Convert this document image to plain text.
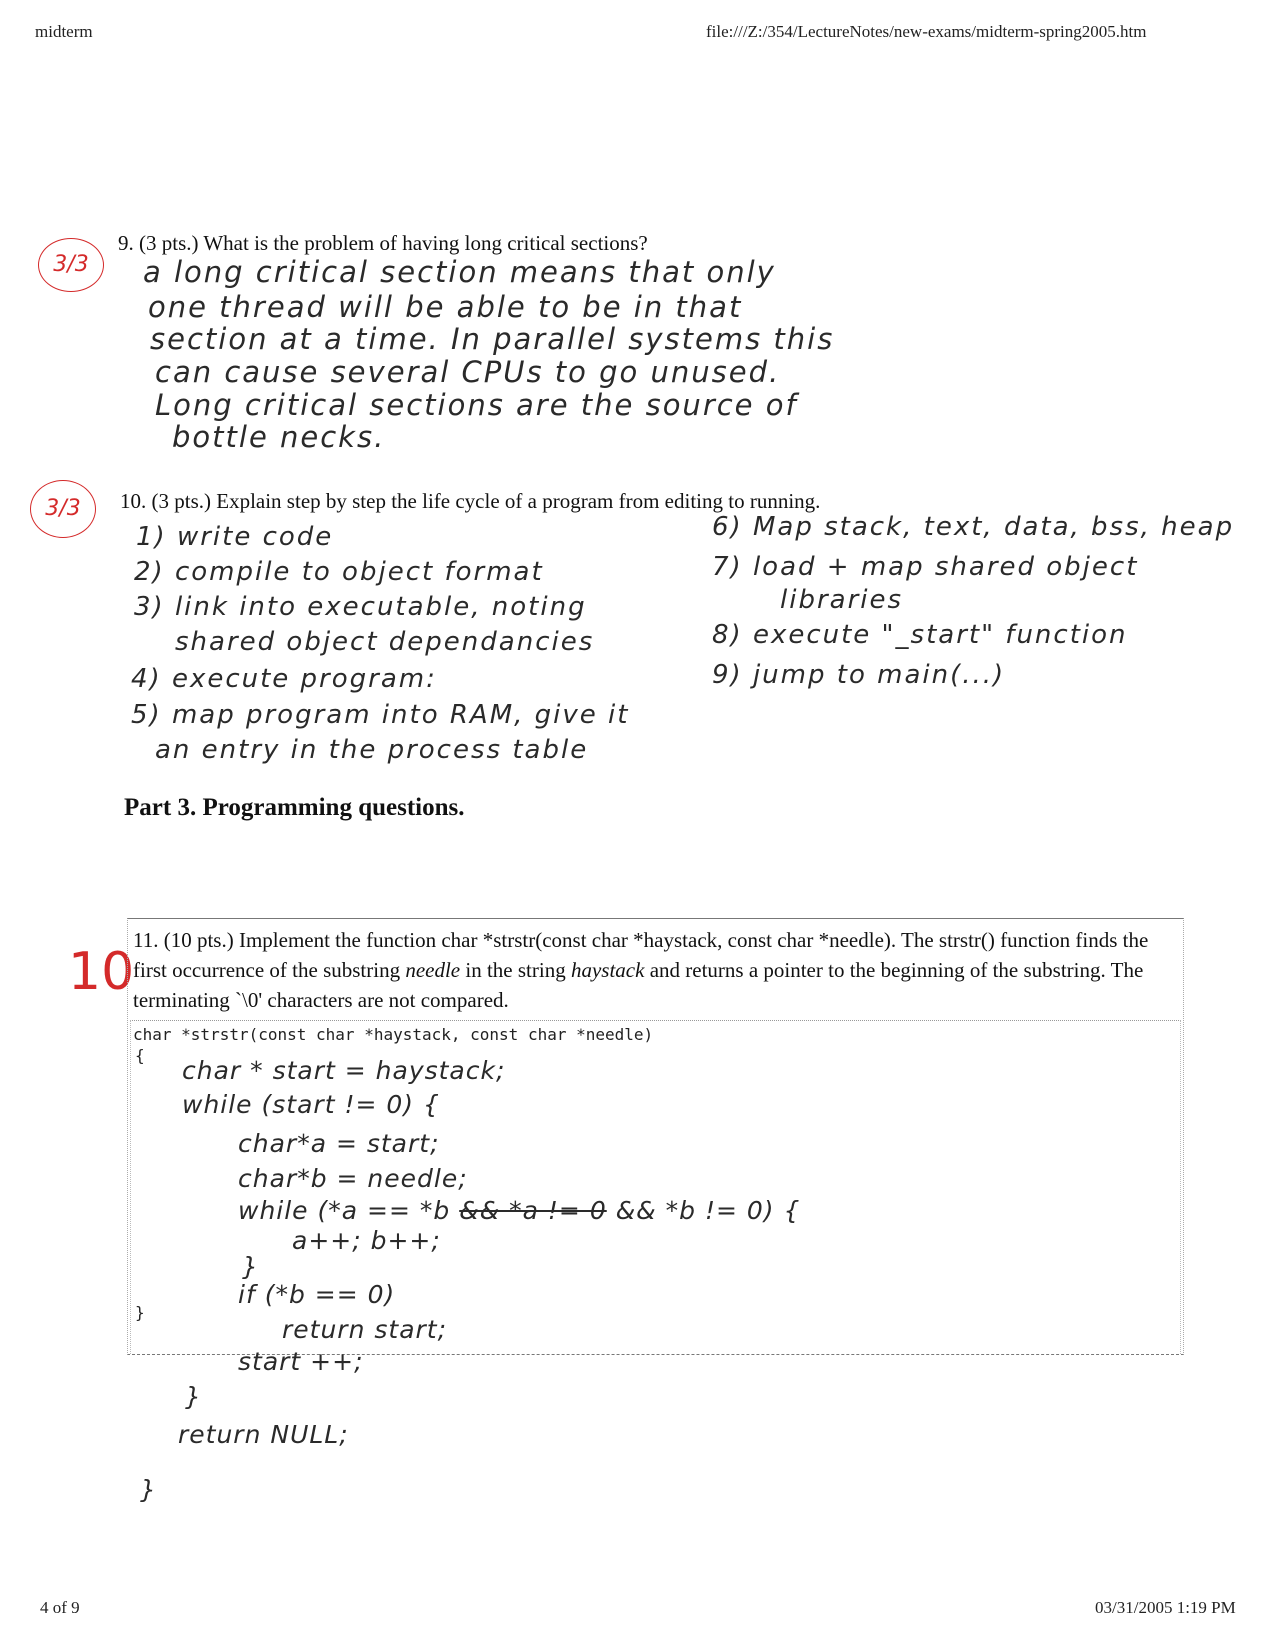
midterm	file:///Z:/354/LectureNotes/new-exams/midterm-spring2005.htm
3/3
9. (3 pts.) What is the problem of having long critical sections?
a long critical section means that only
one thread will be able to be in that
section at a time. In parallel systems this
can cause several CPUs to go unused.
Long critical sections are the source of
bottle necks.
3/3	10. (3 pts.) Explain step by step the life cycle of a program from editing to running.
1) write code
2) compile to object format
3) link into executable, noting
shared object dependancies
4) execute program:
5) map program into RAM, give it
an entry in the process table
6) Map stack, text, data, bss, heap
7) load + map shared object
libraries
8) execute "_start" function
9) jump to main(...)
Part 3. Programming questions.
10
11. (10 pts.) Implement the function char *strstr(const char *haystack, const char *needle). The strstr() function finds the first occurrence of the substring needle in the string haystack and returns a pointer to the beginning of the substring. The terminating `\0' characters are not compared.
char *strstr(const char *haystack, const char *needle)
{
}
char * start = haystack;
while (start != 0) {
char*a = start;
char*b = needle;
while (*a == *b && *a != 0 && *b != 0) {
a++; b++;
}
if (*b == 0)
return start;
start ++;
}
return NULL;
}
4 of 9	03/31/2005 1:19 PM
